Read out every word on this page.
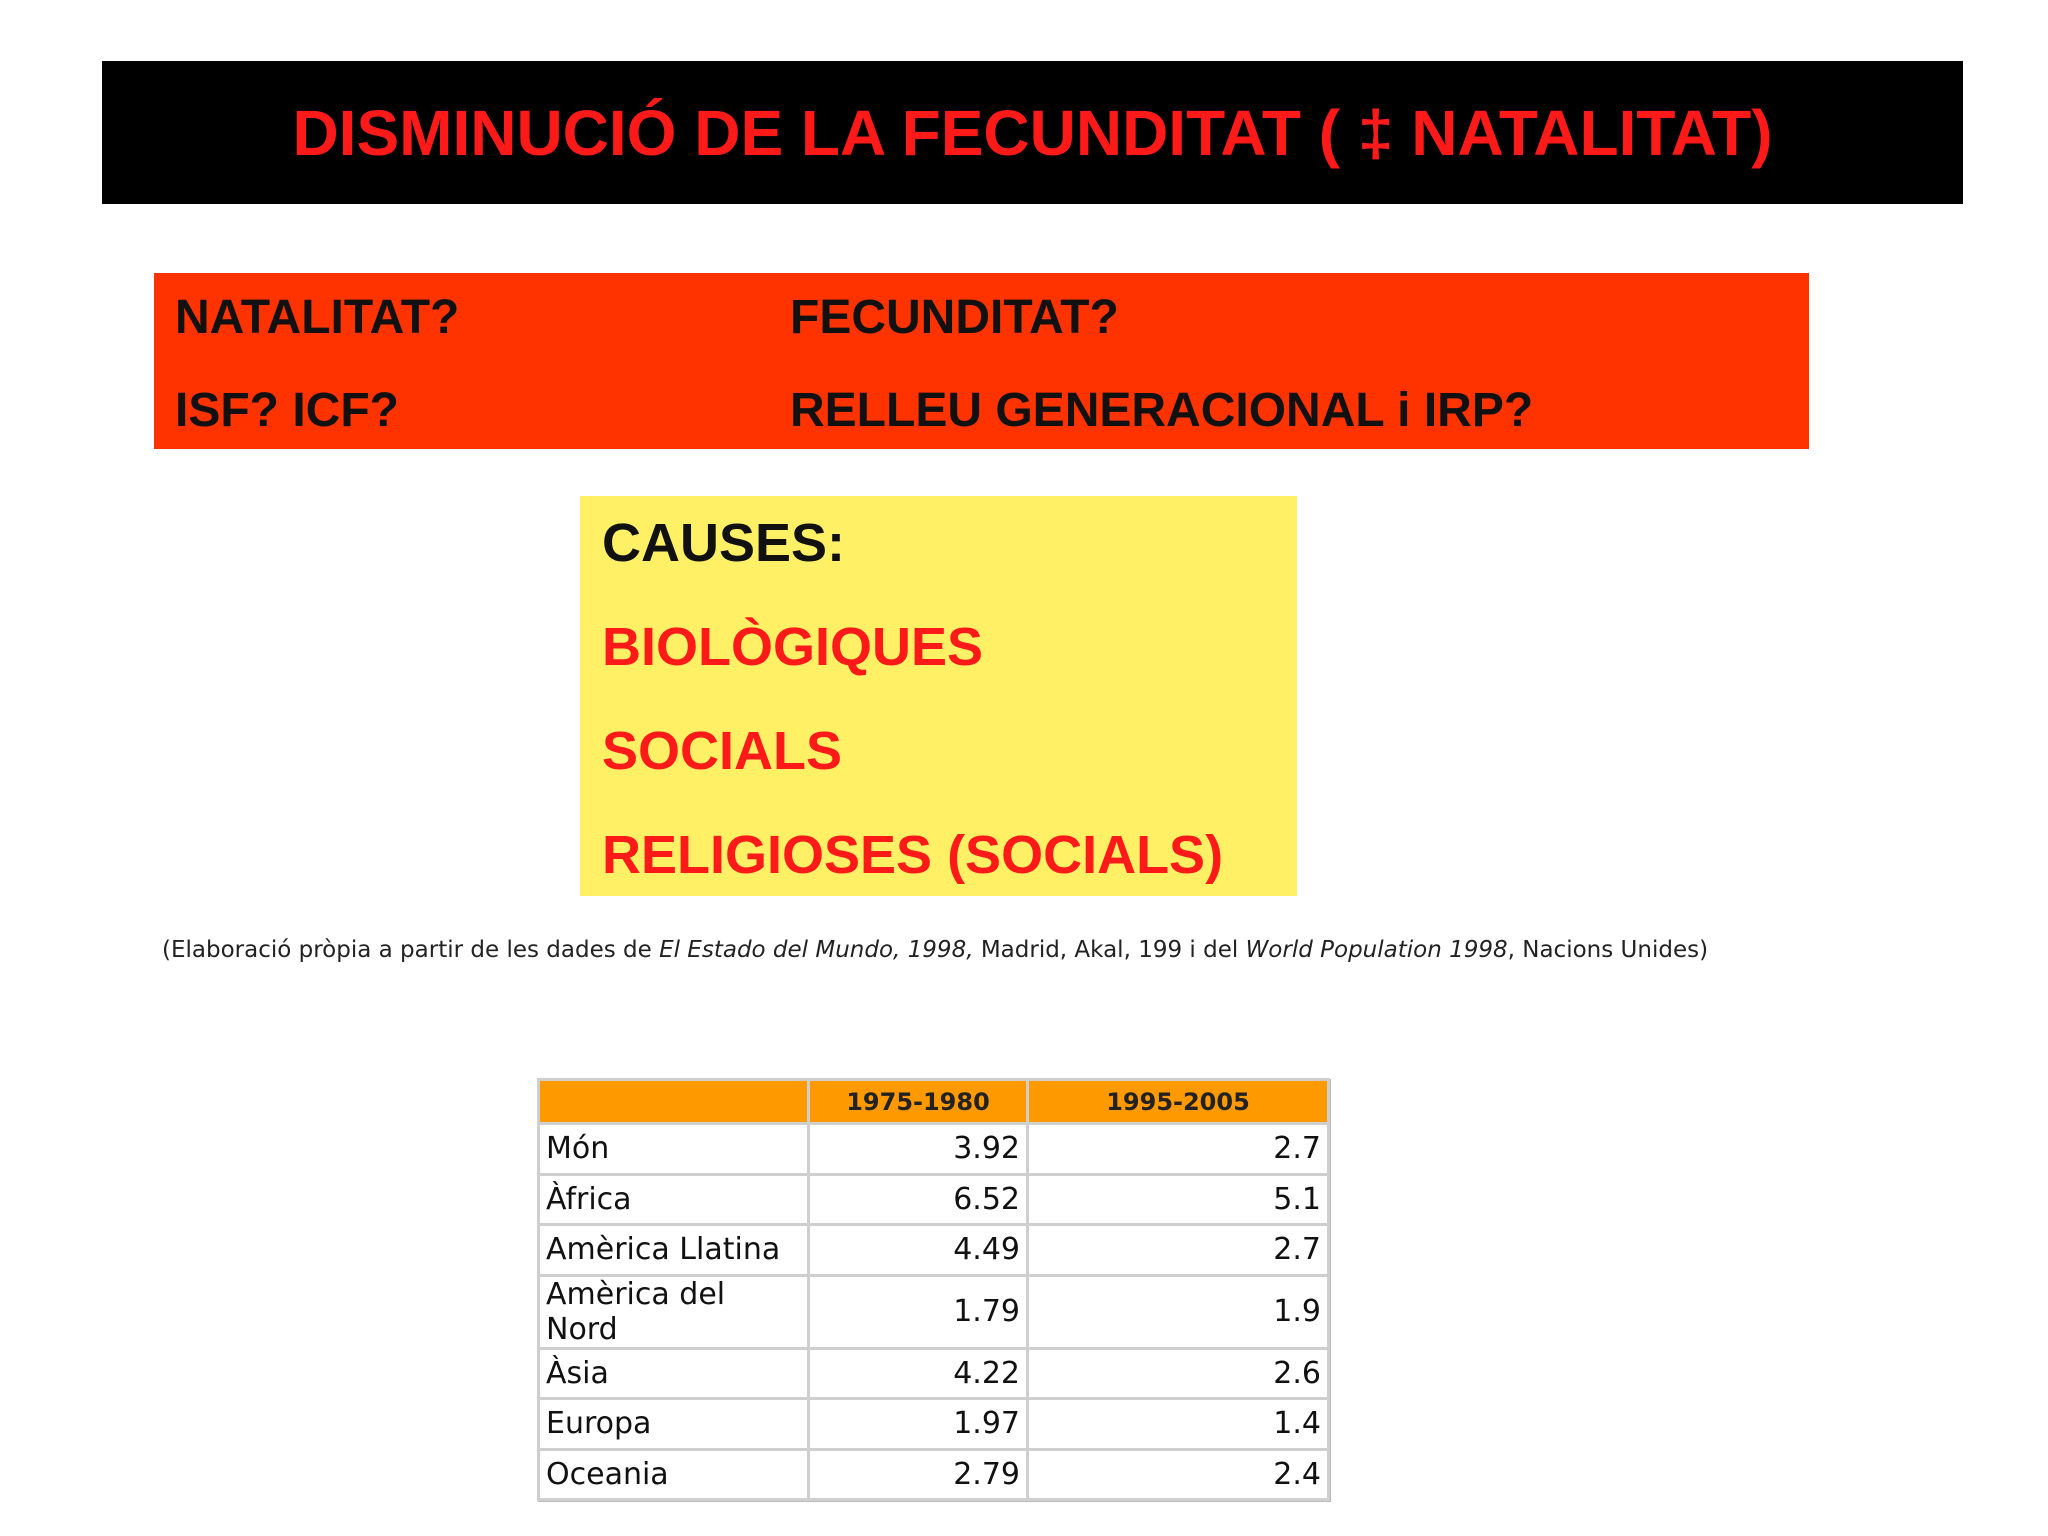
DISMINUCIÓ DE LA FECUNDITAT ( ‡ NATALITAT)
NATALITAT?	FECUNDITAT?
ISF? ICF?	RELLEU GENERACIONAL i IRP?
CAUSES:
BIOLÒGIQUES
SOCIALS
RELIGIOSES (SOCIALS)
(Elaboració pròpia a partir de les dades de El Estado del Mundo, 1998, Madrid, Akal, 199 i del World Population 1998, Nacions Unides)
	1975-1980	1995-2005
Món	3.92	2.7
Àfrica	6.52	5.1
Amèrica Llatina	4.49	2.7
Amèrica del Nord	1.79	1.9
Àsia	4.22	2.6
Europa	1.97	1.4
Oceania	2.79	2.4
